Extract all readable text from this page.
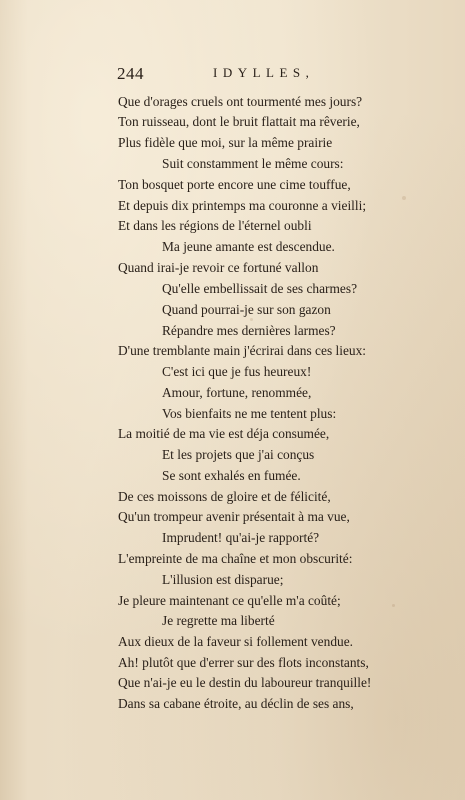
244	IDYLLES,
Que d'orages cruels ont tourmenté mes jours?
Ton ruisseau, dont le bruit flattait ma rêverie,
Plus fidèle que moi, sur la même prairie
Suit constamment le même cours:
Ton bosquet porte encore une cime touffue,
Et depuis dix printemps ma couronne a vieilli;
Et dans les régions de l'éternel oubli
Ma jeune amante est descendue.
Quand irai-je revoir ce fortuné vallon
Qu'elle embellissait de ses charmes?
Quand pourrai-je sur son gazon
Répandre mes dernières larmes?
D'une tremblante main j'écrirai dans ces lieux:
C'est ici que je fus heureux!
Amour, fortune, renommée,
Vos bienfaits ne me tentent plus:
La moitié de ma vie est déja consumée,
Et les projets que j'ai conçus
Se sont exhalés en fumée.
De ces moissons de gloire et de félicité,
Qu'un trompeur avenir présentait à ma vue,
Imprudent! qu'ai-je rapporté?
L'empreinte de ma chaîne et mon obscurité:
L'illusion est disparue;
Je pleure maintenant ce qu'elle m'a coûté;
Je regrette ma liberté
Aux dieux de la faveur si follement vendue.
Ah! plutôt que d'errer sur des flots inconstants,
Que n'ai-je eu le destin du laboureur tranquille!
Dans sa cabane étroite, au déclin de ses ans,
